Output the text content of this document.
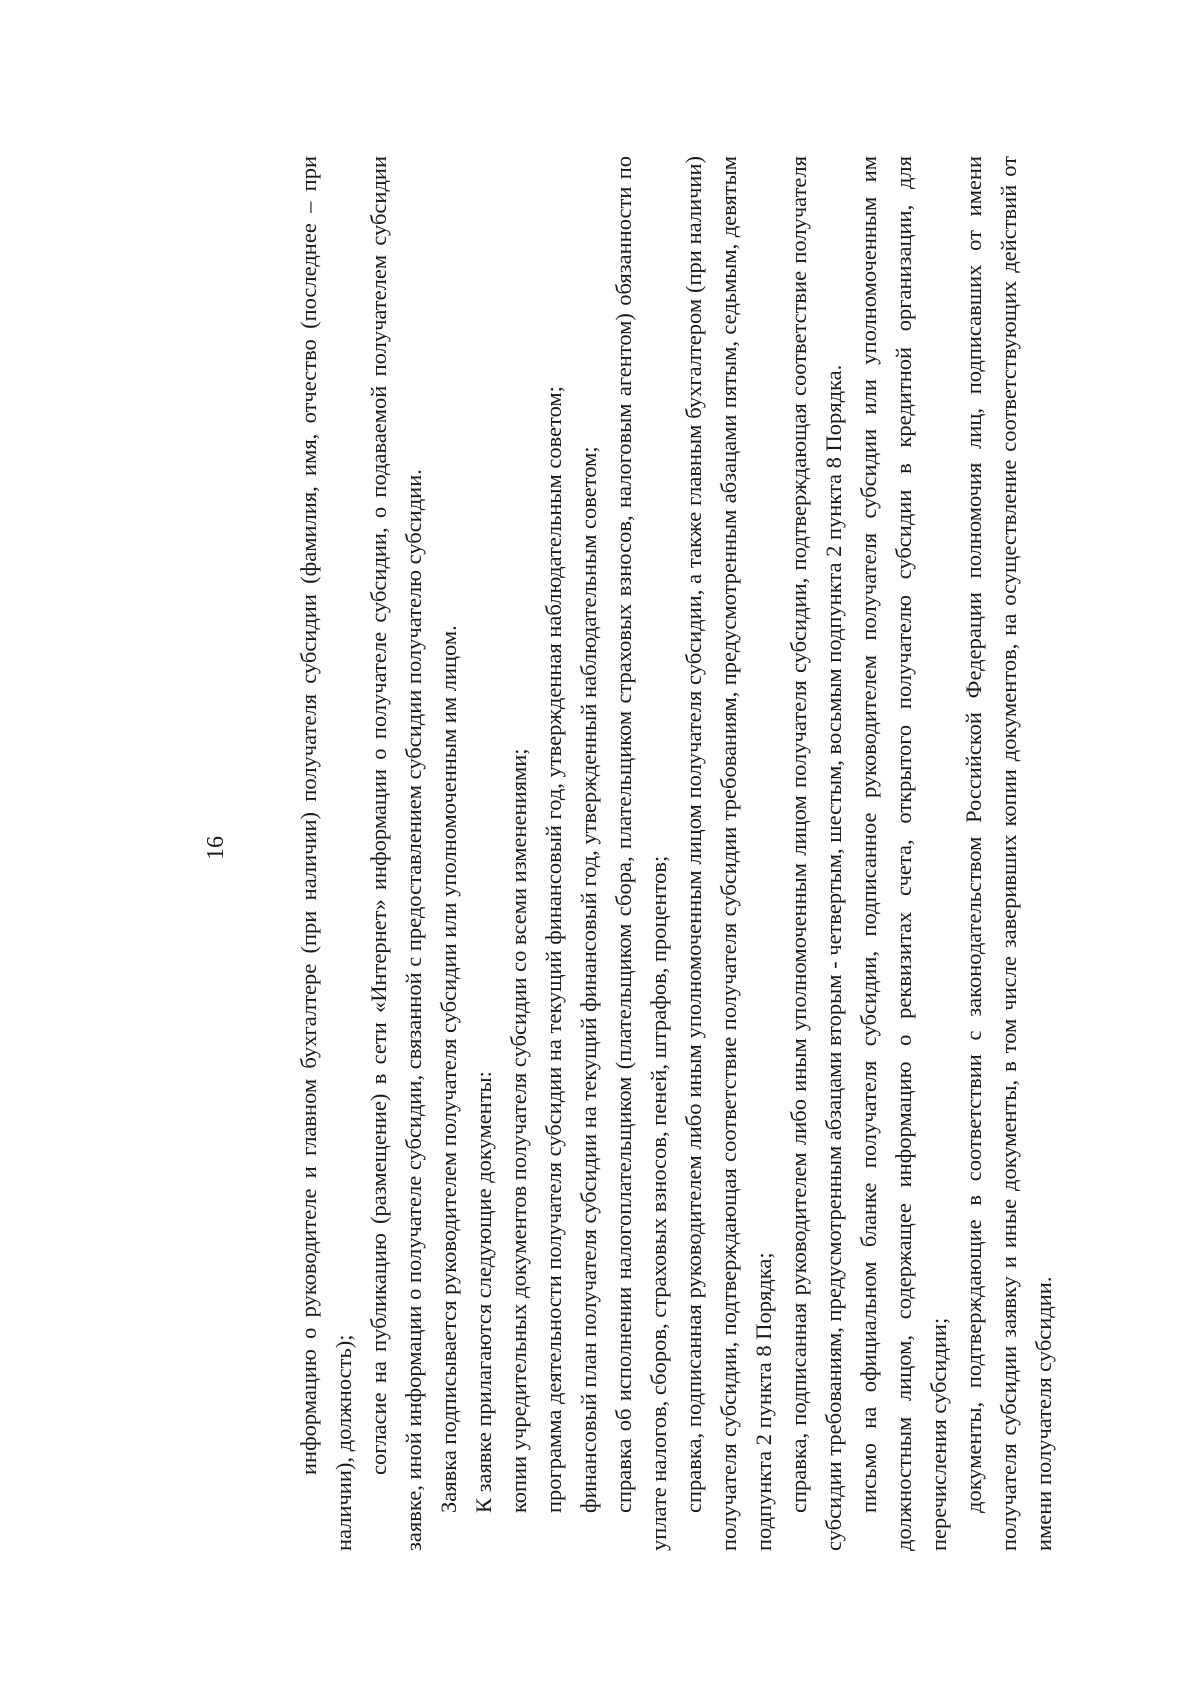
16	информацию о руководителе и главном бухгалтере (при наличии) получателя субсидии (фамилия, имя, отчество (последнее – при наличии), должность); согласие на публикацию (размещение) в сети «Интернет» информации о получателе субсидии, о подаваемой получателем субсидии заявке, иной информации о получателе субсидии, связанной с предоставлением субсидии получателю субсидии. Заявка подписывается руководителем получателя субсидии или уполномоченным им лицом. К заявке прилагаются следующие документы: копии учредительных документов получателя субсидии со всеми изменениями; программа деятельности получателя субсидии на текущий финансовый год, утвержденная наблюдательным советом; финансовый план получателя субсидии на текущий финансовый год, утвержденный наблюдательным советом; справка об исполнении налогоплательщиком (плательщиком сбора, плательщиком страховых взносов, налоговым агентом) обязанности по уплате налогов, сборов, страховых взносов, пеней, штрафов, процентов; справка, подписанная руководителем либо иным уполномоченным лицом получателя субсидии, а также главным бухгалтером (при наличии) получателя субсидии, подтверждающая соответствие получателя субсидии требованиям, предусмотренным абзацами пятым, седьмым, девятым подпункта 2 пункта 8 Порядка; справка, подписанная руководителем либо иным уполномоченным лицом получателя субсидии, подтверждающая соответствие получателя субсидии требованиям, предусмотренным абзацами вторым - четвертым, шестым, восьмым подпункта 2 пункта 8 Порядка. письмо на официальном бланке получателя субсидии, подписанное руководителем получателя субсидии или уполномоченным им должностным лицом, содержащее информацию о реквизитах счета, открытого получателю субсидии в кредитной организации, для перечисления субсидии; документы, подтверждающие в соответствии с законодательством Российской Федерации полномочия лиц, подписавших от имени получателя субсидии заявку и иные документы, в том числе заверивших копии документов, на осуществление соответствующих действий от имени получателя субсидии.
